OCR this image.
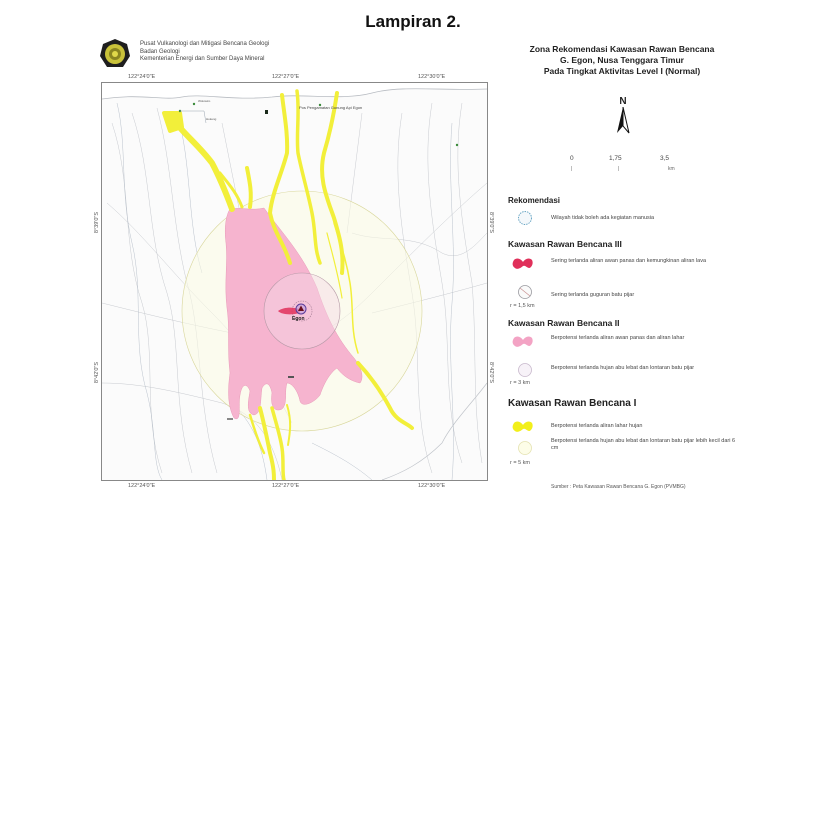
Lampiran 2.
Pusat Vulkanologi dan Mitigasi Bencana Geologi
Badan Geologi
Kementerian Energi dan Sumber Daya Mineral
122°24'0"E	122°27'0"E	122°30'0"E
122°24'0"E	122°27'0"E	122°30'0"E
8°39'0"S
8°42'0"S
8°39'0"S
8°42'0"S
Pos Pengamatan Gunung Api Egon
Wolowiro
Hokeng
Egon
Zona Rekomendasi Kawasan Rawan Bencana
G. Egon, Nusa Tenggara Timur
Pada Tingkat Aktivitas Level I (Normal)
N
0	1,75	3,5
|	|	km
Rekomendasi
Wilayah tidak boleh ada kegiatan manusia
Kawasan Rawan Bencana III
Sering terlanda aliran awan panas dan kemungkinan aliran lava
Sering terlanda guguran batu pijar
r = 1,5 km
Kawasan Rawan Bencana II
Berpotensi terlanda aliran awan panas dan aliran lahar
Berpotensi terlanda hujan abu lebat dan lontaran batu pijar
r = 3 km
Kawasan Rawan Bencana I
Berpotensi terlanda aliran lahar hujan
Berpotensi terlanda hujan abu lebat dan lontaran batu pijar lebih kecil dari 6 cm
r = 5 km
Sumber : Peta Kawasan Rawan Bencana G. Egon (PVMBG)
